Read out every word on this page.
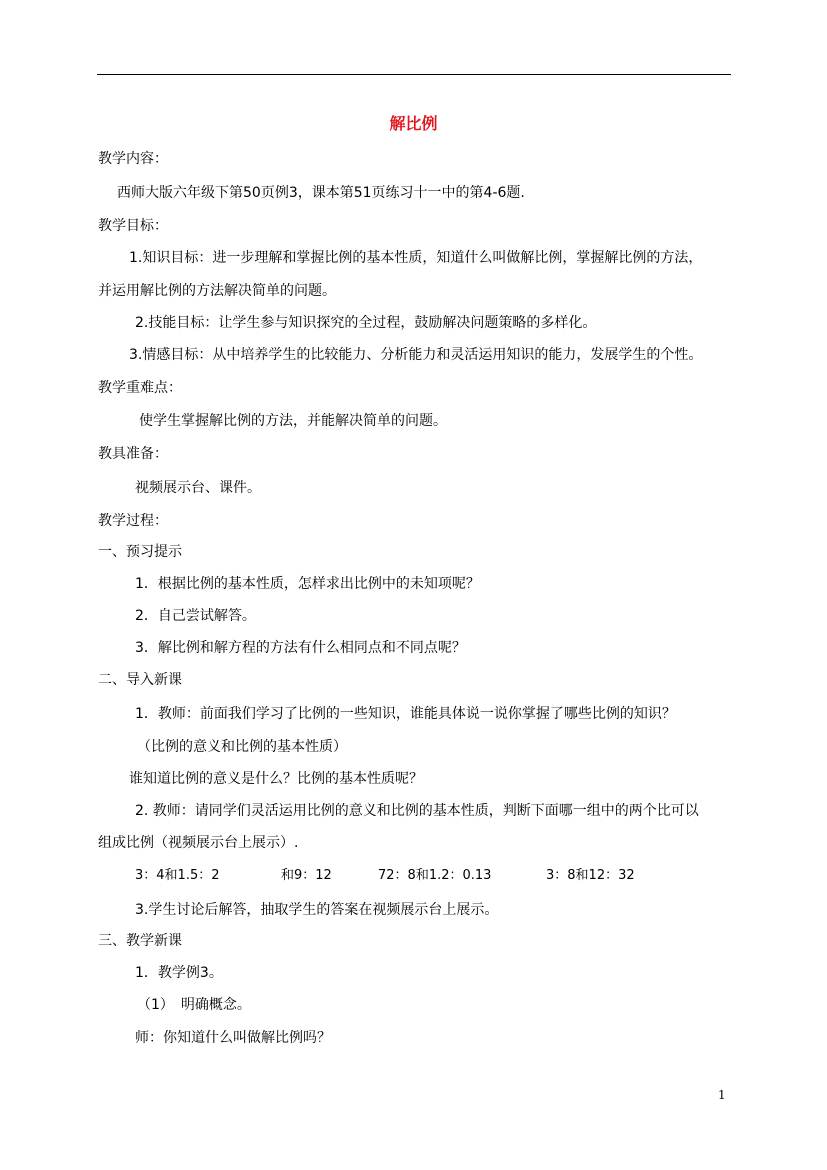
解比例
教学内容：
西师大版六年级下第50页例3，课本第51页练习十一中的第4-6题.
教学目标：
1.知识目标：进一步理解和掌握比例的基本性质，知道什么叫做解比例，掌握解比例的方法，
并运用解比例的方法解决简单的问题。
2.技能目标：让学生参与知识探究的全过程，鼓励解决问题策略的多样化。
3.情感目标：从中培养学生的比较能力、分析能力和灵活运用知识的能力，发展学生的个性。
教学重难点：
使学生掌握解比例的方法，并能解决简单的问题。
教具准备：
视频展示台、课件。
教学过程：
一、预习提示
1．根据比例的基本性质，怎样求出比例中的未知项呢？
2．自己尝试解答。
3．解比例和解方程的方法有什么相同点和不同点呢？
二、导入新课
1．教师：前面我们学习了比例的一些知识，谁能具体说一说你掌握了哪些比例的知识？
（比例的意义和比例的基本性质）
谁知道比例的意义是什么？比例的基本性质呢？
2. 教师：请同学们灵活运用比例的意义和比例的基本性质，判断下面哪一组中的两个比可以
组成比例（视频展示台上展示）.
3：4和1.5：2	和9：12	72：8和1.2：0.13	3：8和12：32
3.学生讨论后解答，抽取学生的答案在视频展示台上展示。
三、教学新课
1．教学例3。
（1）　明确概念。
师：你知道什么叫做解比例吗？
1
